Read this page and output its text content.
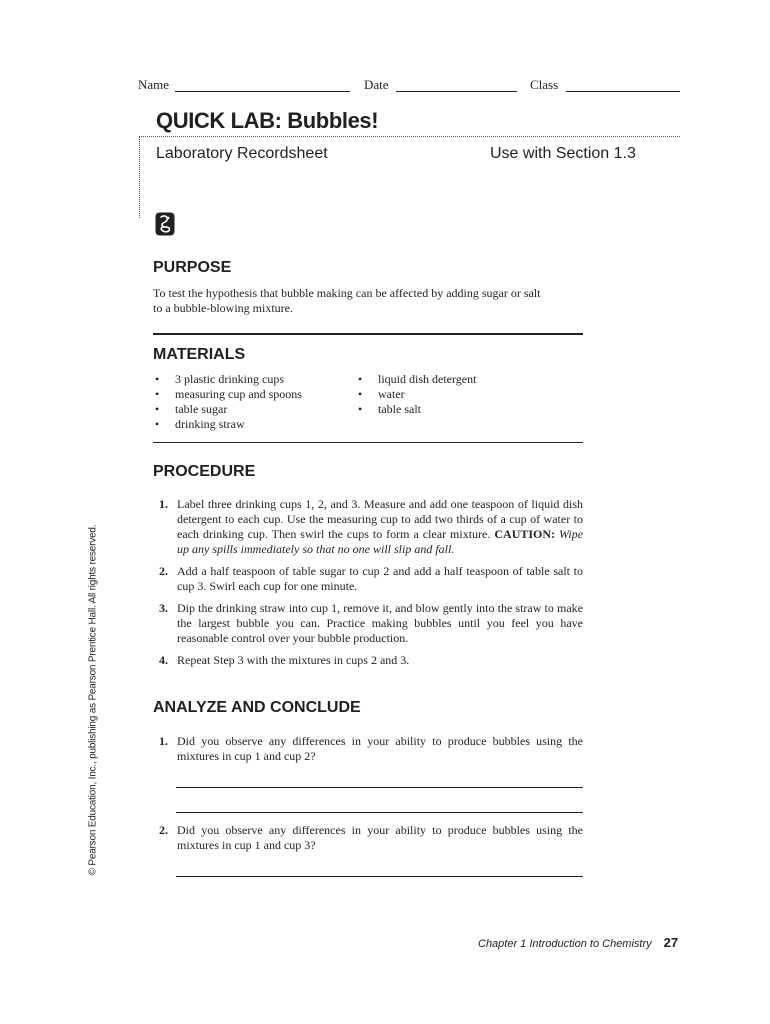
Name	Date	Class
QUICK LAB: Bubbles!
Laboratory Recordsheet	Use with Section 1.3
PURPOSE
To test the hypothesis that bubble making can be affected by adding sugar or salt
to a bubble-blowing mixture.
MATERIALS
• 3 plastic drinking cups
• measuring cup and spoons
• table sugar
• drinking straw
• liquid dish detergent
• water
• table salt
PROCEDURE
1. Label three drinking cups 1, 2, and 3. Measure and add one teaspoon of liquid dish detergent to each cup. Use the measuring cup to add two thirds of a cup of water to each drinking cup. Then swirl the cups to form a clear mixture. CAUTION: Wipe up any spills immediately so that no one will slip and fall.
2. Add a half teaspoon of table sugar to cup 2 and add a half teaspoon of table salt to cup 3. Swirl each cup for one minute.
3. Dip the drinking straw into cup 1, remove it, and blow gently into the straw to make the largest bubble you can. Practice making bubbles until you feel you have reasonable control over your bubble production.
4. Repeat Step 3 with the mixtures in cups 2 and 3.
ANALYZE AND CONCLUDE
1. Did you observe any differences in your ability to produce bubbles using the mixtures in cup 1 and cup 2?
2. Did you observe any differences in your ability to produce bubbles using the mixtures in cup 1 and cup 3?
© Pearson Education, Inc., publishing as Pearson Prentice Hall. All rights reserved.
Chapter 1 Introduction to Chemistry 27
